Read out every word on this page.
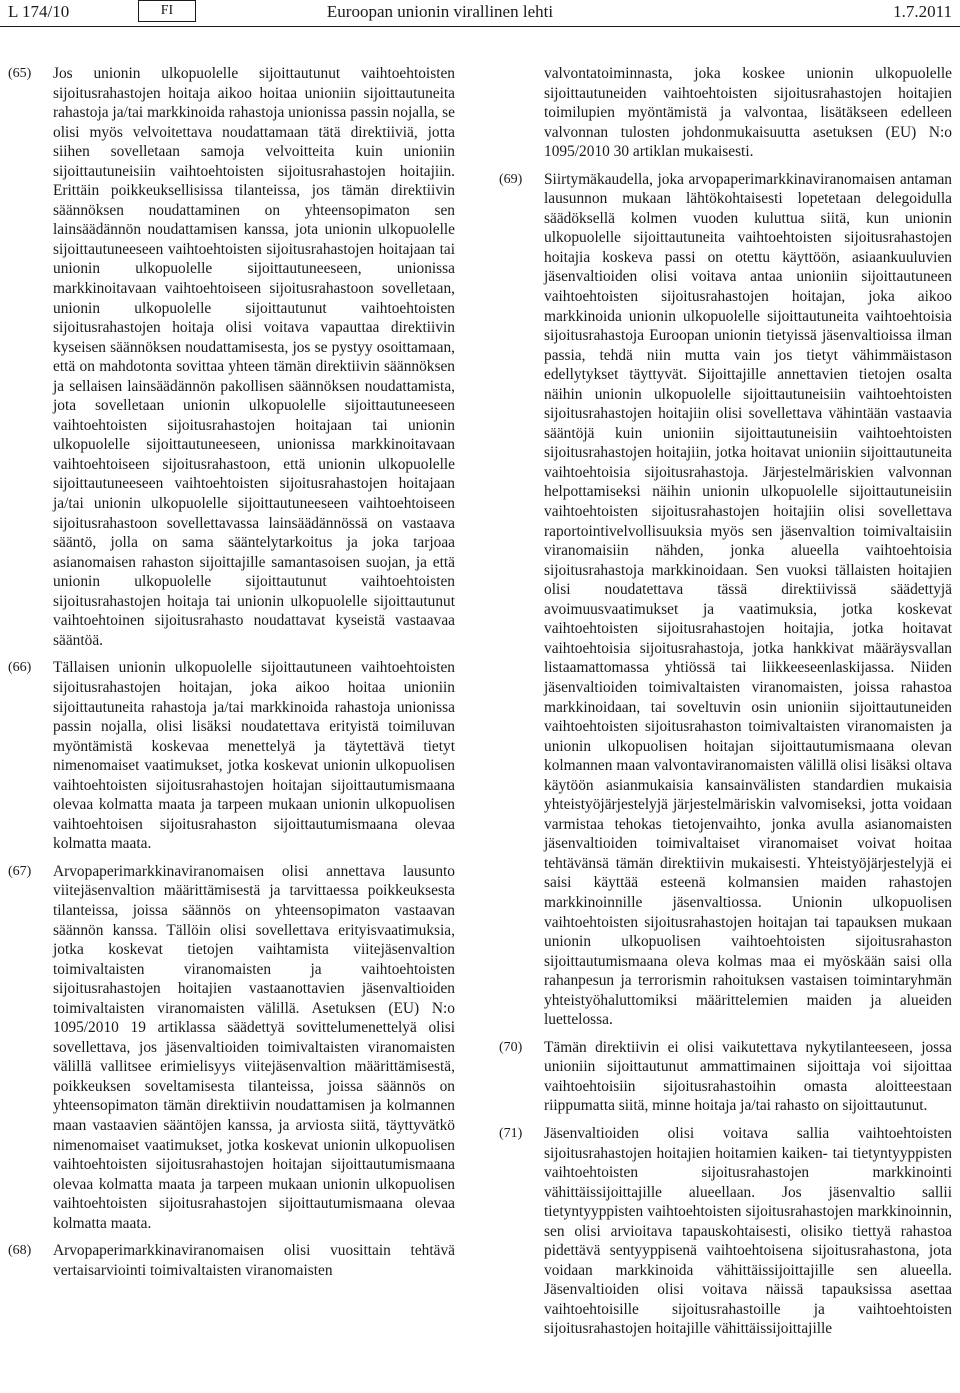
L 174/10	FI	Euroopan unionin virallinen lehti	1.7.2011
(65)	Jos unionin ulkopuolelle sijoittautunut vaihtoehtoisten sijoitusrahastojen hoitaja aikoo hoitaa unioniin sijoittautuneita rahastoja ja/tai markkinoida rahastoja unionissa passin nojalla, se olisi myös velvoitettava noudattamaan tätä direktiiviä, jotta siihen sovelletaan samoja velvoitteita kuin unioniin sijoittautuneisiin vaihtoehtoisten sijoitusrahastojen hoitajiin. Erittäin poikkeuksellisissa tilanteissa, jos tämän direktiivin säännöksen noudattaminen on yhteensopimaton sen lainsäädännön noudattamisen kanssa, jota unionin ulkopuolelle sijoittautuneeseen vaihtoehtoisten sijoitusrahastojen hoitajaan tai unionin ulkopuolelle sijoittautuneeseen, unionissa markkinoitavaan vaihtoehtoiseen sijoitusrahastoon sovelletaan, unionin ulkopuolelle sijoittautunut vaihtoehtoisten sijoitusrahastojen hoitaja olisi voitava vapauttaa direktiivin kyseisen säännöksen noudattamisesta, jos se pystyy osoittamaan, että on mahdotonta sovittaa yhteen tämän direktiivin säännöksen ja sellaisen lainsäädännön pakollisen säännöksen noudattamista, jota sovelletaan unionin ulkopuolelle sijoittautuneeseen vaihtoehtoisten sijoitusrahastojen hoitajaan tai unionin ulkopuolelle sijoittautuneeseen, unionissa markkinoitavaan vaihtoehtoiseen sijoitusrahastoon, että unionin ulkopuolelle sijoittautuneeseen vaihtoehtoisten sijoitusrahastojen hoitajaan ja/tai unionin ulkopuolelle sijoittautuneeseen vaihtoehtoiseen sijoitusrahastoon sovellettavassa lainsäädännössä on vastaava sääntö, jolla on sama sääntelytarkoitus ja joka tarjoaa asianomaisen rahaston sijoittajille samantasoisen suojan, ja että unionin ulkopuolelle sijoittautunut vaihtoehtoisten sijoitusrahastojen hoitaja tai unionin ulkopuolelle sijoittautunut vaihtoehtoinen sijoitusrahasto noudattavat kyseistä vastaavaa sääntöä.

(66)	Tällaisen unionin ulkopuolelle sijoittautuneen vaihtoehtoisten sijoitusrahastojen hoitajan, joka aikoo hoitaa unioniin sijoittautuneita rahastoja ja/tai markkinoida rahastoja unionissa passin nojalla, olisi lisäksi noudatettava erityistä toimiluvan myöntämistä koskevaa menettelyä ja täytettävä tietyt nimenomaiset vaatimukset, jotka koskevat unionin ulkopuolisen vaihtoehtoisten sijoitusrahastojen hoitajan sijoittautumismaana olevaa kolmatta maata ja tarpeen mukaan unionin ulkopuolisen vaihtoehtoisen sijoitusrahaston sijoittautumismaana olevaa kolmatta maata.

(67)	Arvopaperimarkkinaviranomaisen olisi annettava lausunto viitejäsenvaltion määrittämisestä ja tarvittaessa poikkeuksesta tilanteissa, joissa säännös on yhteensopimaton vastaavan säännön kanssa. Tällöin olisi sovellettava erityisvaatimuksia, jotka koskevat tietojen vaihtamista viitejäsenvaltion toimivaltaisten viranomaisten ja vaihtoehtoisten sijoitusrahastojen hoitajien vastaanottavien jäsenvaltioiden toimivaltaisten viranomaisten välillä. Asetuksen (EU) N:o 1095/2010 19 artiklassa säädettyä sovittelumenettelyä olisi sovellettava, jos jäsenvaltioiden toimivaltaisten viranomaisten välillä vallitsee erimielisyys viitejäsenvaltion määrittämisestä, poikkeuksen soveltamisesta tilanteissa, joissa säännös on yhteensopimaton tämän direktiivin noudattamisen ja kolmannen maan vastaavien sääntöjen kanssa, ja arviosta siitä, täyttyvätkö nimenomaiset vaatimukset, jotka koskevat unionin ulkopuolisen vaihtoehtoisten sijoitusrahastojen hoitajan sijoittautumismaana olevaa kolmatta maata ja tarpeen mukaan unionin ulkopuolisen vaihtoehtoisten sijoitusrahastojen sijoittautumismaana olevaa kolmatta maata.

(68)	Arvopaperimarkkinaviranomaisen olisi vuosittain tehtävä vertaisarviointi toimivaltaisten viranomaisten

valvontatoiminnasta, joka koskee unionin ulkopuolelle sijoittautuneiden vaihtoehtoisten sijoitusrahastojen hoitajien toimilupien myöntämistä ja valvontaa, lisätäkseen edelleen valvonnan tulosten johdonmukaisuutta asetuksen (EU) N:o 1095/2010 30 artiklan mukaisesti.

(69)	Siirtymäkaudella, joka arvopaperimarkkinaviranomaisen antaman lausunnon mukaan lähtökohtaisesti lopetetaan delegoidulla säädöksellä kolmen vuoden kuluttua siitä, kun unionin ulkopuolelle sijoittautuneita vaihtoehtoisten sijoitusrahastojen hoitajia koskeva passi on otettu käyttöön, asiaankuuluvien jäsenvaltioiden olisi voitava antaa unioniin sijoittautuneen vaihtoehtoisten sijoitusrahastojen hoitajan, joka aikoo markkinoida unionin ulkopuolelle sijoittautuneita vaihtoehtoisia sijoitusrahastoja Euroopan unionin tietyissä jäsenvaltioissa ilman passia, tehdä niin mutta vain jos tietyt vähimmäistason edellytykset täyttyvät. Sijoittajille annettavien tietojen osalta näihin unionin ulkopuolelle sijoittautuneisiin vaihtoehtoisten sijoitusrahastojen hoitajiin olisi sovellettava vähintään vastaavia sääntöjä kuin unioniin sijoittautuneisiin vaihtoehtoisten sijoitusrahastojen hoitajiin, jotka hoitavat unioniin sijoittautuneita vaihtoehtoisia sijoitusrahastoja. Järjestelmäriskien valvonnan helpottamiseksi näihin unionin ulkopuolelle sijoittautuneisiin vaihtoehtoisten sijoitusrahastojen hoitajiin olisi sovellettava raportointivelvollisuuksia myös sen jäsenvaltion toimivaltaisiin viranomaisiin nähden, jonka alueella vaihtoehtoisia sijoitusrahastoja markkinoidaan. Sen vuoksi tällaisten hoitajien olisi noudatettava tässä direktiivissä säädettyjä avoimuusvaatimukset ja vaatimuksia, jotka koskevat vaihtoehtoisten sijoitusrahastojen hoitajia, jotka hoitavat vaihtoehtoisia sijoitusrahastoja, jotka hankkivat määräysvallan listaamattomassa yhtiössä tai liikkeeseenlaskijassa. Niiden jäsenvaltioiden toimivaltaisten viranomaisten, joissa rahastoa markkinoidaan, tai soveltuvin osin unioniin sijoittautuneiden vaihtoehtoisten sijoitusrahaston toimivaltaisten viranomaisten ja unionin ulkopuolisen hoitajan sijoittautumismaana olevan kolmannen maan valvontaviranomaisten välillä olisi lisäksi oltava käytöön asianmukaisia kansainvälisten standardien mukaisia yhteistyöjärjestelyjä järjestelmäriskin valvomiseksi, jotta voidaan varmistaa tehokas tietojenvaihto, jonka avulla asianomaisten jäsenvaltioiden toimivaltaiset viranomaiset voivat hoitaa tehtävänsä tämän direktiivin mukaisesti. Yhteistyöjärjestelyjä ei saisi käyttää esteenä kolmansien maiden rahastojen markkinoinnille jäsenvaltiossa. Unionin ulkopuolisen vaihtoehtoisten sijoitusrahastojen hoitajan tai tapauksen mukaan unionin ulkopuolisen vaihtoehtoisten sijoitusrahaston sijoittautumismaana oleva kolmas maa ei myöskään saisi olla rahanpesun ja terrorismin rahoituksen vastaisen toimintaryhmän yhteistyöhaluttomiksi määrittelemien maiden ja alueiden luettelossa.

(70)	Tämän direktiivin ei olisi vaikutettava nykytilanteeseen, jossa unioniin sijoittautunut ammattimainen sijoittaja voi sijoittaa vaihtoehtoisiin sijoitusrahastoihin omasta aloitteestaan riippumatta siitä, minne hoitaja ja/tai rahasto on sijoittautunut.

(71)	Jäsenvaltioiden olisi voitava sallia vaihtoehtoisten sijoitusrahastojen hoitajien hoitamien kaiken- tai tietyntyyppisten vaihtoehtoisten sijoitusrahastojen markkinointi vähittäissijoittajille alueellaan. Jos jäsenvaltio sallii tietyntyyppisten vaihtoehtoisten sijoitusrahastojen markkinoinnin, sen olisi arvioitava tapauskohtaisesti, olisiko tiettyä rahastoa pidettävä sentyyppisenä vaihtoehtoisena sijoitusrahastona, jota voidaan markkinoida vähittäissijoittajille sen alueella. Jäsenvaltioiden olisi voitava näissä tapauksissa asettaa vaihtoehtoisille sijoitusrahastoille ja vaihtoehtoisten sijoitusrahastojen hoitajille vähittäissijoittajille
